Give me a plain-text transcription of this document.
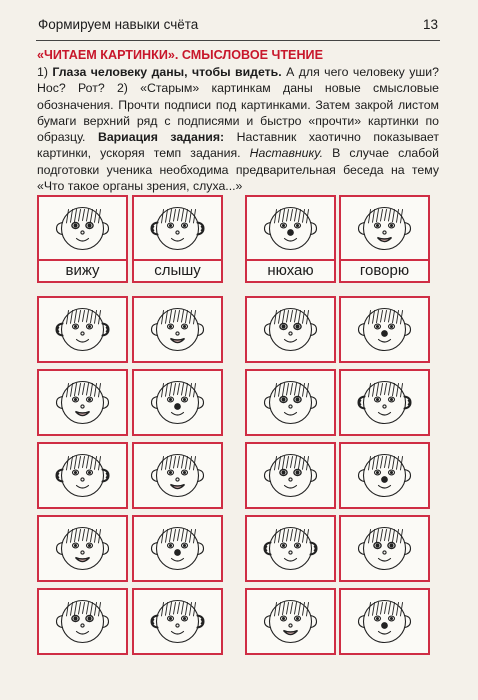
Формируем навыки счёта	13
«ЧИТАЕМ КАРТИНКИ». СМЫСЛОВОЕ ЧТЕНИЕ
1) Глаза человеку даны, чтобы видеть. А для чего человеку уши? Нос? Рот? 2) «Старым» картинкам даны новые смысловые обозначения. Прочти подписи под картинками. Затем закрой листом бумаги верхний ряд с подписями и быстро «прочти» картинки по образцу. Вариация задания: Наставник хаотично показывает картинки, ускоряя темп задания. Наставнику. В случае слабой подготовки ученика необходима предварительная беседа на тему «Что такое органы зрения, слуха...»
вижу	слышу	нюхаю	говорю
